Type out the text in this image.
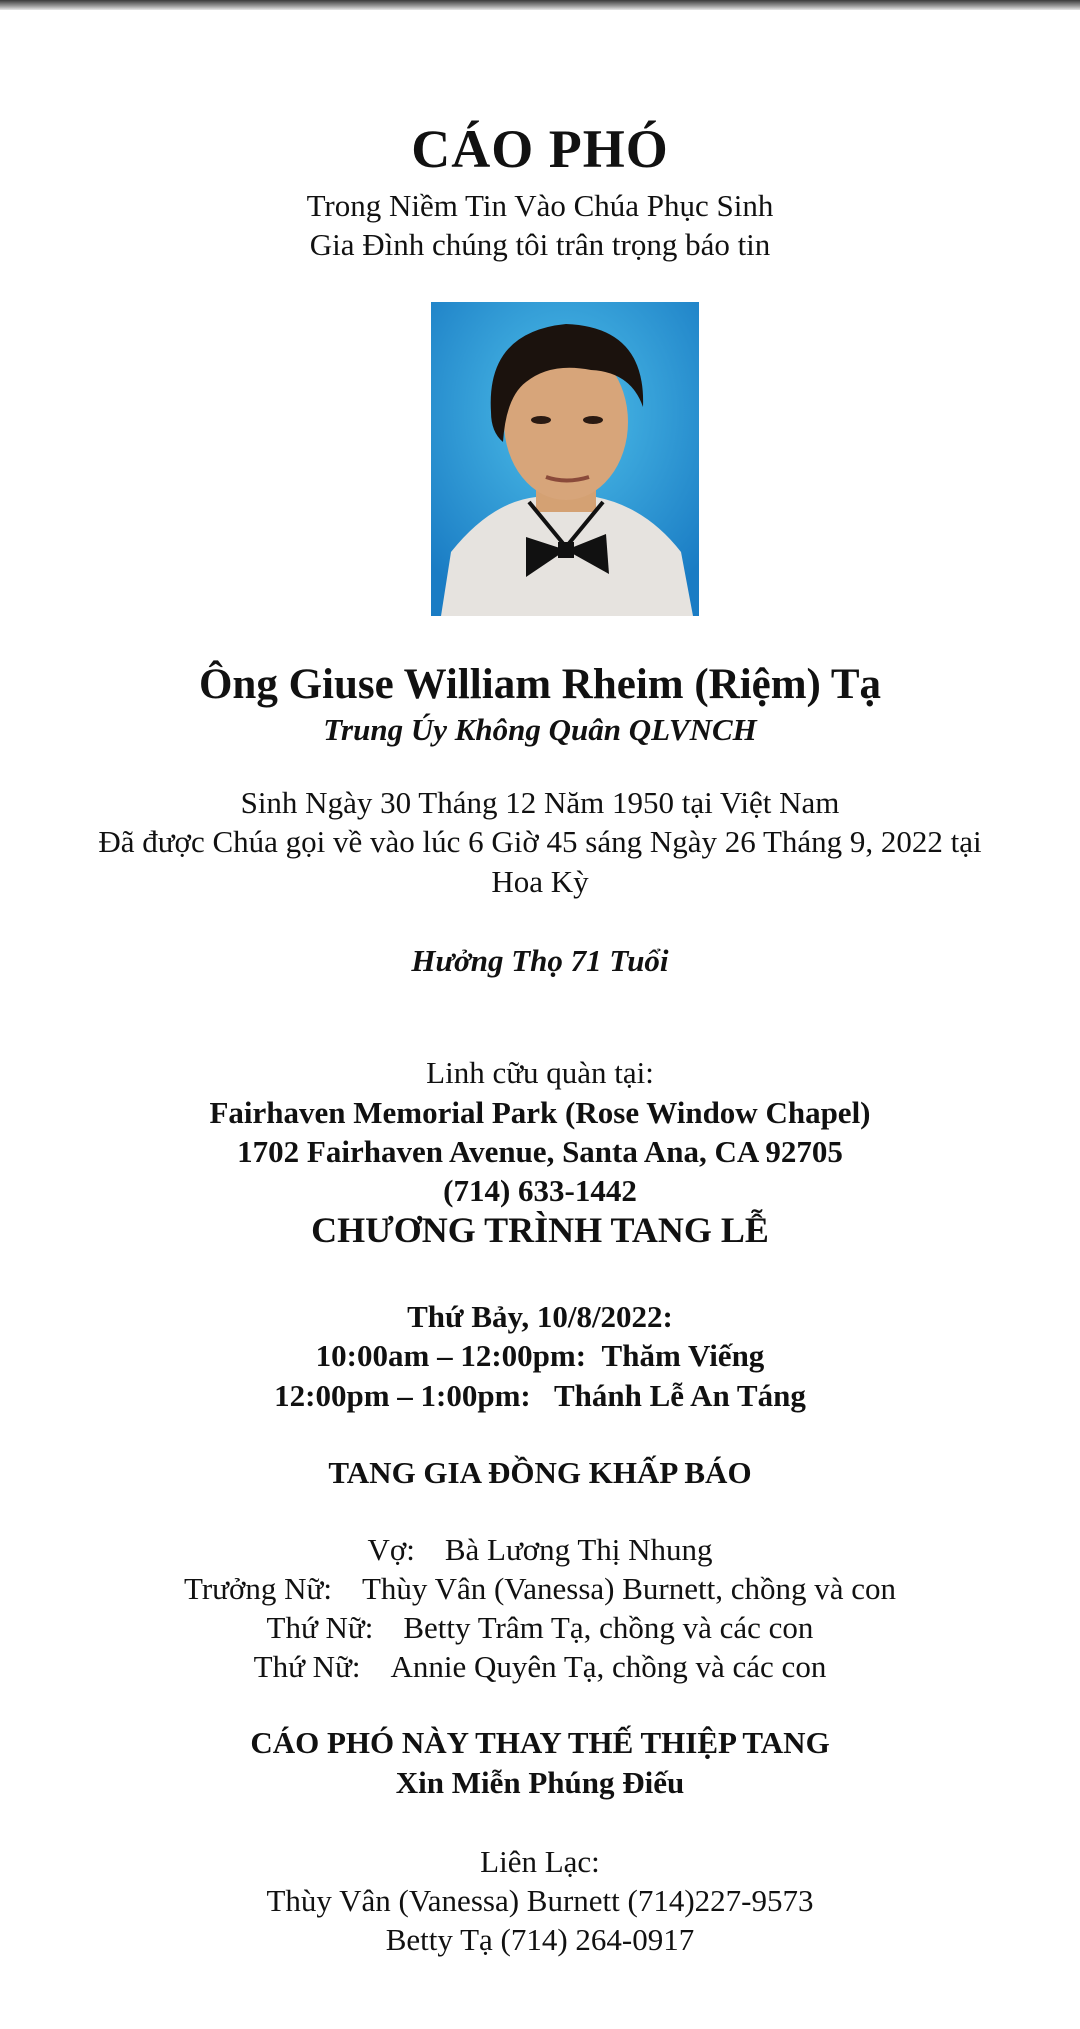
CÁO PHÓ
Trong Niềm Tin Vào Chúa Phục Sinh
Gia Đình chúng tôi trân trọng báo tin
Ông Giuse William Rheim (Riệm) Tạ
Trung Úy Không Quân QLVNCH
Sinh Ngày 30 Tháng 12 Năm 1950 tại Việt Nam
Đã được Chúa gọi về vào lúc 6 Giờ 45 sáng Ngày 26 Tháng 9, 2022 tại
Hoa Kỳ
Hưởng Thọ 71 Tuổi
Linh cữu quàn tại:
Fairhaven Memorial Park (Rose Window Chapel)
1702 Fairhaven Avenue, Santa Ana, CA 92705
(714) 633-1442
CHƯƠNG TRÌNH TANG LỄ
Thứ Bảy, 10/8/2022:
10:00am – 12:00pm: Thăm Viếng
12:00pm – 1:00pm: Thánh Lễ An Táng
TANG GIA ĐỒNG KHẤP BÁO
Vợ: Bà Lương Thị Nhung
Trưởng Nữ: Thùy Vân (Vanessa) Burnett, chồng và con
Thứ Nữ: Betty Trâm Tạ, chồng và các con
Thứ Nữ: Annie Quyên Tạ, chồng và các con
CÁO PHÓ NÀY THAY THẾ THIỆP TANG
Xin Miễn Phúng Điếu
Liên Lạc:
Thùy Vân (Vanessa) Burnett (714)227-9573
Betty Tạ (714) 264-0917
